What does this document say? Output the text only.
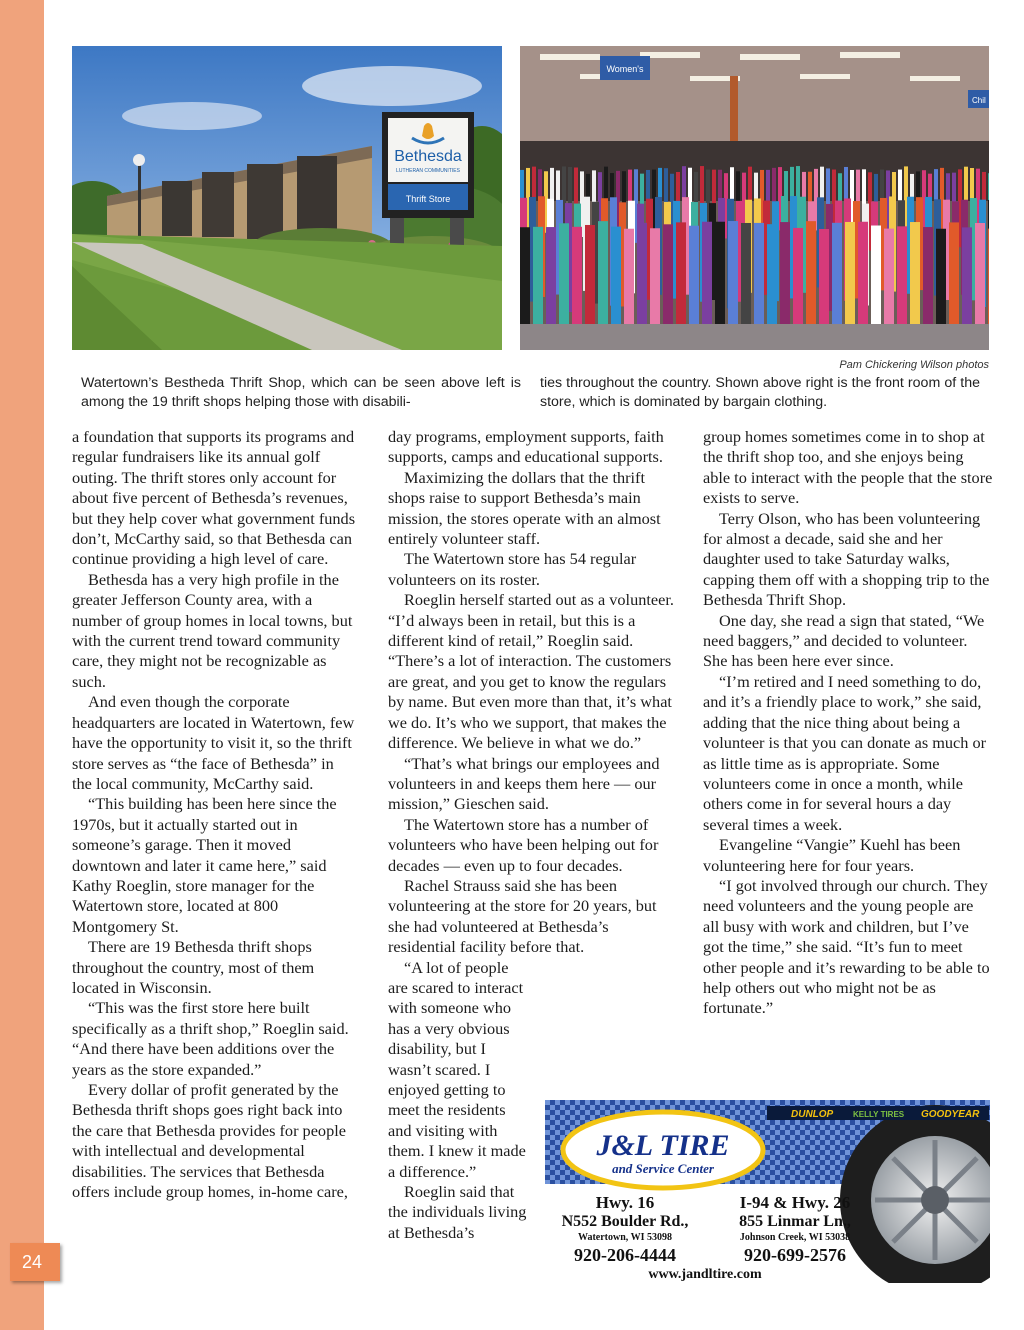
24
Bethesda
LUTHERAN COMMUNITIES
Thrift Store
Women's
Chil
Pam Chickering Wilson photos
Watertown’s Bestheda Thrift Shop, which can be seen above left is among the 19 thrift shops helping those with disabili-
ties throughout the country. Shown above right is the front room of the store, which is dominated by bargain clothing.

a foundation that supports its programs and regular fundraisers like its annual golf outing. The thrift stores only account for about five percent of Bethesda’s revenues, but they help cover what government funds don’t, McCarthy said, so that Bethesda can continue providing a high level of care.

Bethesda has a very high profile in the greater Jefferson County area, with a number of group homes in local towns, but with the current trend toward community care, they might not be recognizable as such.

And even though the corporate headquarters are located in Watertown, few have the opportunity to visit it, so the thrift store serves as “the face of Bethesda” in the local community, McCarthy said.

“This building has been here since the 1970s, but it actually started out in someone’s garage. Then it moved downtown and later it came here,” said Kathy Roeglin, store manager for the Watertown store, located at 800 Montgomery St.

There are 19 Bethesda thrift shops throughout the country, most of them located in Wisconsin.

“This was the first store here built specifically as a thrift shop,” Roeglin said. “And there have been additions over the years as the store expanded.”

Every dollar of profit generated by the Bethesda thrift shops goes right back into the care that Bethesda provides for people with intellectual and developmental disabilities. The services that Bethesda offers include group homes, in-home care,

day programs, employment supports, faith supports, camps and educational supports.

Maximizing the dollars that the thrift shops raise to support Bethesda’s main mission, the stores operate with an almost entirely volunteer staff.

The Watertown store has 54 regular volunteers on its roster.

Roeglin herself started out as a volunteer.

“I’d always been in retail, but this is a different kind of retail,” Roeglin said. “There’s a lot of interaction. The customers are great, and you get to know the regulars by name. But even more than that, it’s what we do. It’s who we support, that makes the difference. We believe in what we do.”

“That’s what brings our employees and volunteers in and keeps them here — our mission,” Gieschen said.

The Watertown store has a number of volunteers who have been helping out for decades — even up to four decades.

Rachel Strauss said she has been volunteering at the store for 20 years, but she had volunteered at Bethesda’s residential facility before that.

“A lot of people are scared to interact with someone who has a very obvious disability, but I wasn’t scared. I enjoyed getting to meet the residents and visiting with them. I knew it made a difference.”

Roeglin said that the individuals living at Bethesda’s

group homes sometimes come in to shop at the thrift shop too, and she enjoys being able to interact with the people that the store exists to serve.

Terry Olson, who has been volunteering for almost a decade, said she and her daughter used to take Saturday walks, capping them off with a shopping trip to the Bethesda Thrift Shop.

One day, she read a sign that stated, “We need baggers,” and decided to volunteer. She has been here ever since.

“I’m retired and I need something to do, and it’s a friendly place to work,” she said, adding that the nice thing about being a volunteer is that you can donate as much or as little time as is appropriate. Some volunteers come in once a month, while others come in for several hours a day several times a week.

Evangeline “Vangie” Kuehl has been volunteering here for four years.

“I got involved through our church. They need volunteers and the young people are all busy with work and children, but I’ve got the time,” she said. “It’s fun to meet other people and it’s rewarding to be able to help others out who might not be as fortunate.”

DUNLOP KELLY TIRES GOODYEAR
J&L TIRE
and Service Center
Hwy. 16
N552 Boulder Rd.,
Watertown, WI 53098
920-206-4444
I-94 & Hwy. 26
855 Linmar Ln.,
Johnson Creek, WI 53038
920-699-2576
www.jandltire.com
